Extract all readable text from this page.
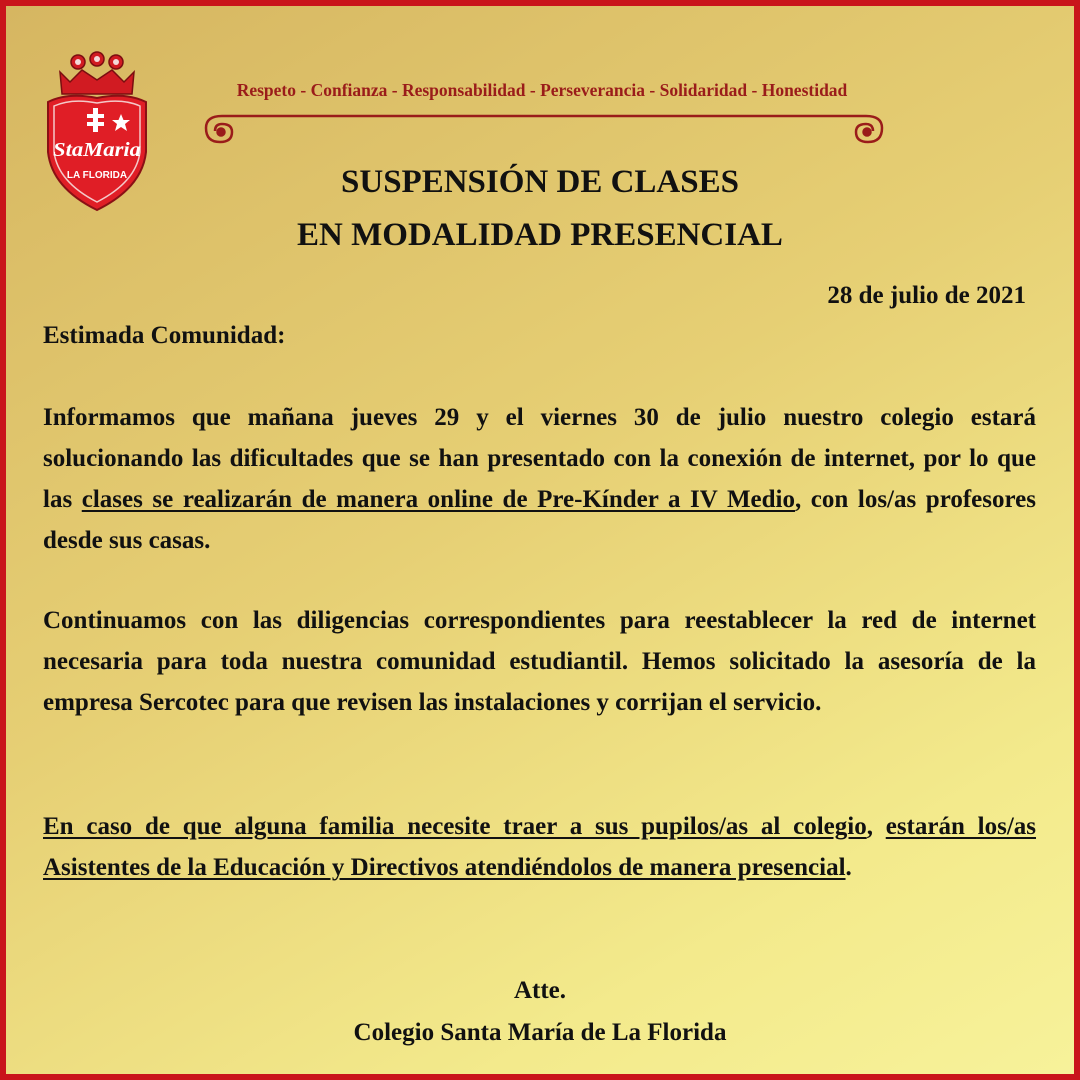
StaMaria
LA FLORIDA
Respeto - Confianza - Responsabilidad - Perseverancia - Solidaridad - Honestidad
SUSPENSIÓN DE CLASES
EN MODALIDAD PRESENCIAL
28 de julio de 2021
Estimada Comunidad:

Informamos que mañana jueves 29 y el viernes 30 de julio nuestro colegio estará solucionando las dificultades que se han presentado con la conexión de internet, por lo que las clases se realizarán de manera online de Pre-Kínder a IV Medio, con los/as profesores desde sus casas.

Continuamos con las diligencias correspondientes para reestablecer la red de internet necesaria para toda nuestra comunidad estudiantil. Hemos solicitado la asesoría de la empresa Sercotec para que revisen las instalaciones y corrijan el servicio.

En caso de que alguna familia necesite traer a sus pupilos/as al colegio, estarán los/as Asistentes de la Educación y Directivos atendiéndolos de manera presencial.

Atte.
Colegio Santa María de La Florida
